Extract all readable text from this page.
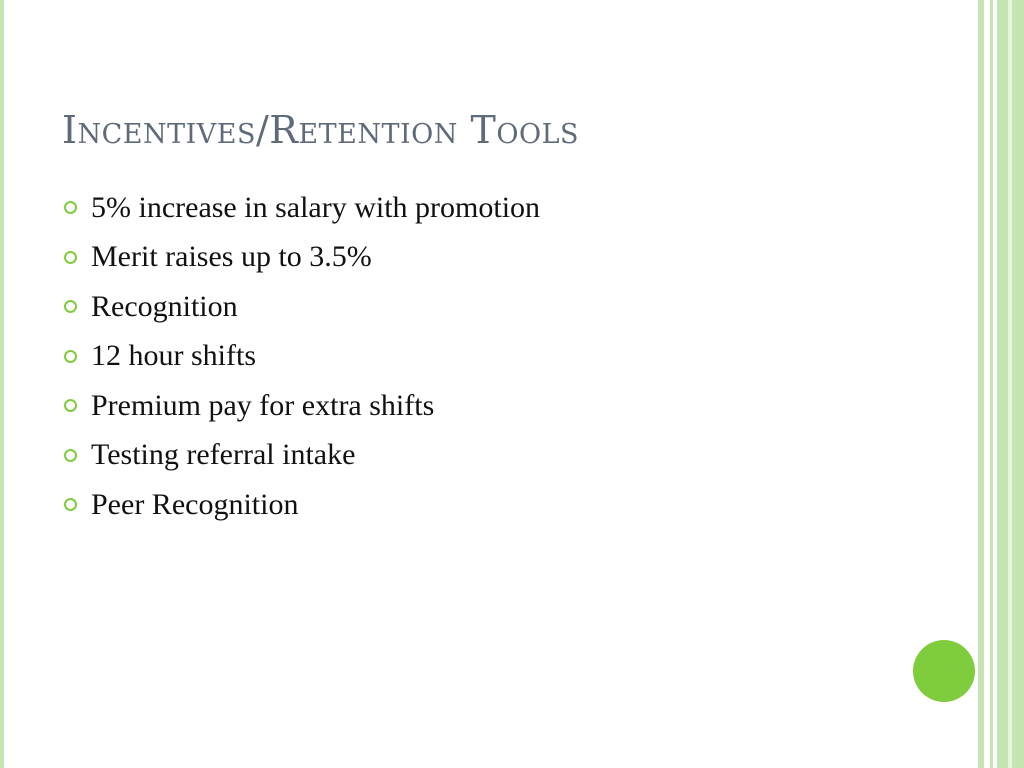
Incentives/Retention Tools
5% increase in salary with promotion
Merit raises up to 3.5%
Recognition
12 hour shifts
Premium pay for extra shifts
Testing referral intake
Peer Recognition
